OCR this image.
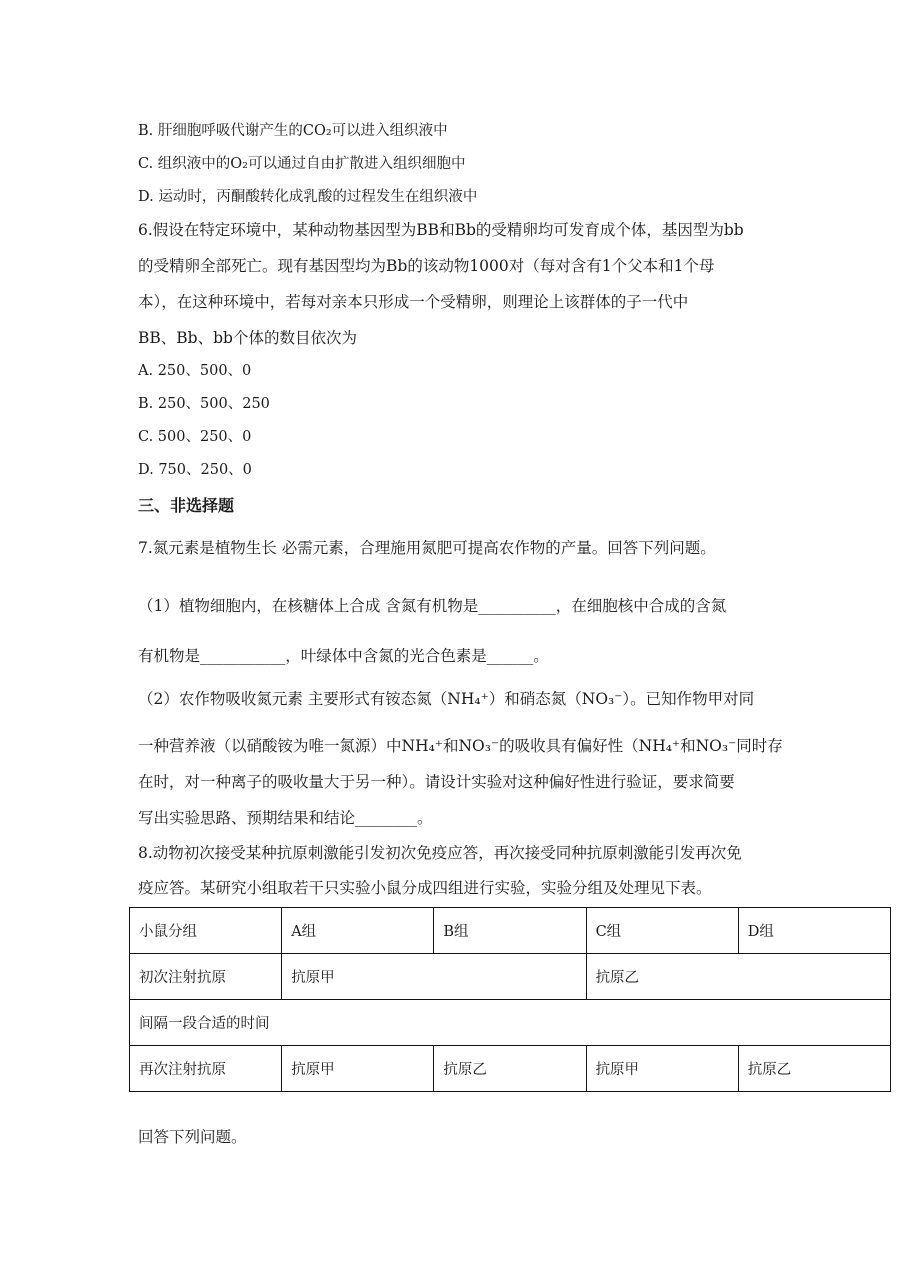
B. 肝细胞呼吸代谢产生的CO₂可以进入组织液中
C. 组织液中的O₂可以通过自由扩散进入组织细胞中
D. 运动时，丙酮酸转化成乳酸的过程发生在组织液中
6.假设在特定环境中，某种动物基因型为BB和Bb的受精卵均可发育成个体，基因型为bb
的受精卵全部死亡。现有基因型均为Bb的该动物1000对（每对含有1个父本和1个母
本），在这种环境中，若每对亲本只形成一个受精卵，则理论上该群体的子一代中
BB、Bb、bb个体的数目依次为
A. 250、500、0
B. 250、500、250
C. 500、250、0
D. 750、250、0
三、非选择题
7.氮元素是植物生长 必需元素，合理施用氮肥可提高农作物的产量。回答下列问题。
（1）植物细胞内，在核糖体上合成 含氮有机物是__________，在细胞核中合成的含氮
有机物是___________，叶绿体中含氮的光合色素是______。
（2）农作物吸收氮元素 主要形式有铵态氮（NH₄⁺）和硝态氮（NO₃⁻）。已知作物甲对同
一种营养液（以硝酸铵为唯一氮源）中NH₄⁺和NO₃⁻的吸收具有偏好性（NH₄⁺和NO₃⁻同时存
在时，对一种离子的吸收量大于另一种）。请设计实验对这种偏好性进行验证，要求简要
写出实验思路、预期结果和结论________。
8.动物初次接受某种抗原刺激能引发初次免疫应答，再次接受同种抗原刺激能引发再次免
疫应答。某研究小组取若干只实验小鼠分成四组进行实验，实验分组及处理见下表。
小鼠分组	A组	B组	C组	D组
初次注射抗原	抗原甲		抗原乙	
间隔一段合适的时间				
再次注射抗原	抗原甲	抗原乙	抗原甲	抗原乙
回答下列问题。
